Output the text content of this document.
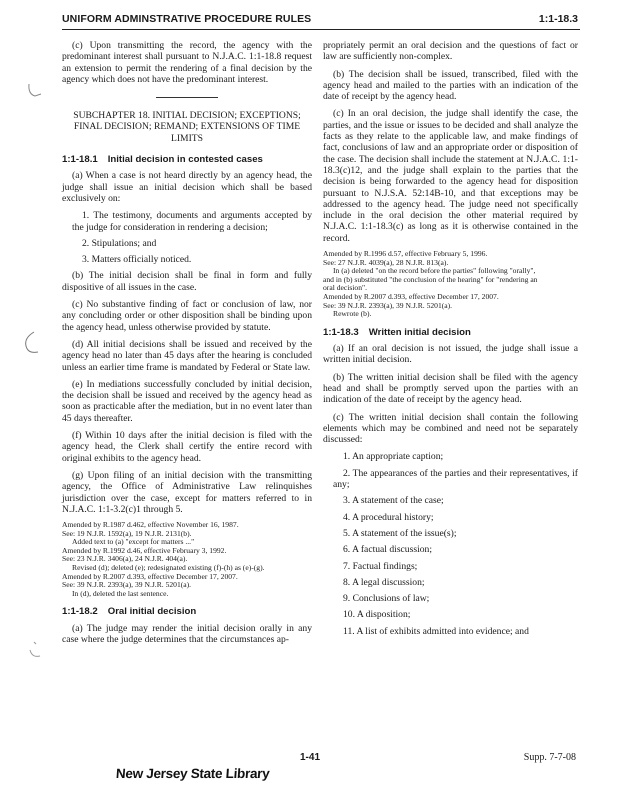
UNIFORM ADMINSTRATIVE PROCEDURE RULES	1:1-18.3

(c) Upon transmitting the record, the agency with the predominant interest shall pursuant to N.J.A.C. 1:1-18.8 request an extension to permit the rendering of a final decision by the agency which does not have the predominant interest.

SUBCHAPTER 18. INITIAL DECISION; EXCEPTIONS; FINAL DECISION; REMAND; EXTENSIONS OF TIME LIMITS
1:1-18.1 Initial decision in contested cases

(a) When a case is not heard directly by an agency head, the judge shall issue an initial decision which shall be based exclusively on:

1. The testimony, documents and arguments accepted by the judge for consideration in rendering a decision;

2. Stipulations; and

3. Matters officially noticed.

(b) The initial decision shall be final in form and fully dispositive of all issues in the case.

(c) No substantive finding of fact or conclusion of law, nor any concluding order or other disposition shall be binding upon the agency head, unless otherwise provided by statute.

(d) All initial decisions shall be issued and received by the agency head no later than 45 days after the hearing is concluded unless an earlier time frame is mandated by Federal or State law.

(e) In mediations successfully concluded by initial decision, the decision shall be issued and received by the agency head as soon as practicable after the mediation, but in no event later than 45 days thereafter.

(f) Within 10 days after the initial decision is filed with the agency head, the Clerk shall certify the entire record with original exhibits to the agency head.

(g) Upon filing of an initial decision with the transmitting agency, the Office of Administrative Law relinquishes jurisdiction over the case, except for matters referred to in N.J.A.C. 1:1-3.2(c)1 through 5.

Amended by R.1987 d.462, effective November 16, 1987.
See: 19 N.J.R. 1592(a), 19 N.J.R. 2131(b).
Added text to (a) "except for matters ..."
Amended by R.1992 d.46, effective February 3, 1992.
See: 23 N.J.R. 3406(a), 24 N.J.R. 404(a).
Revised (d); deleted (e); redesignated existing (f)-(h) as (e)-(g).
Amended by R.2007 d.393, effective December 17, 2007.
See: 39 N.J.R. 2393(a), 39 N.J.R. 5201(a).
In (d), deleted the last sentence.
1:1-18.2 Oral initial decision

(a) The judge may render the initial decision orally in any case where the judge determines that the circumstances ap-

propriately permit an oral decision and the questions of fact or law are sufficiently non-complex.

(b) The decision shall be issued, transcribed, filed with the agency head and mailed to the parties with an indication of the date of receipt by the agency head.

(c) In an oral decision, the judge shall identify the case, the parties, and the issue or issues to be decided and shall analyze the facts as they relate to the applicable law, and make findings of fact, conclusions of law and an appropriate order or disposition of the case. The decision shall include the statement at N.J.A.C. 1:1-18.3(c)12, and the judge shall explain to the parties that the decision is being forwarded to the agency head for disposition pursuant to N.J.S.A. 52:14B-10, and that exceptions may be addressed to the agency head. The judge need not specifically include in the oral decision the other material required by N.J.A.C. 1:1-18.3(c) as long as it is otherwise contained in the record.

Amended by R.1996 d.57, effective February 5, 1996.
See: 27 N.J.R. 4039(a), 28 N.J.R. 813(a).
In (a) deleted "on the record before the parties" following "orally",
and in (b) substituted "the conclusion of the hearing" for "rendering an
oral decision".
Amended by R.2007 d.393, effective December 17, 2007.
See: 39 N.J.R. 2393(a), 39 N.J.R. 5201(a).
Rewrote (b).
1:1-18.3 Written initial decision

(a) If an oral decision is not issued, the judge shall issue a written initial decision.

(b) The written initial decision shall be filed with the agency head and shall be promptly served upon the parties with an indication of the date of receipt by the agency head.

(c) The written initial decision shall contain the following elements which may be combined and need not be separately discussed:

1. An appropriate caption;

2. The appearances of the parties and their representatives, if any;

3. A statement of the case;

4. A procedural history;

5. A statement of the issue(s);

6. A factual discussion;

7. Factual findings;

8. A legal discussion;

9. Conclusions of law;

10. A disposition;

11. A list of exhibits admitted into evidence; and

1-41	Supp. 7-7-08
New Jersey State Library
